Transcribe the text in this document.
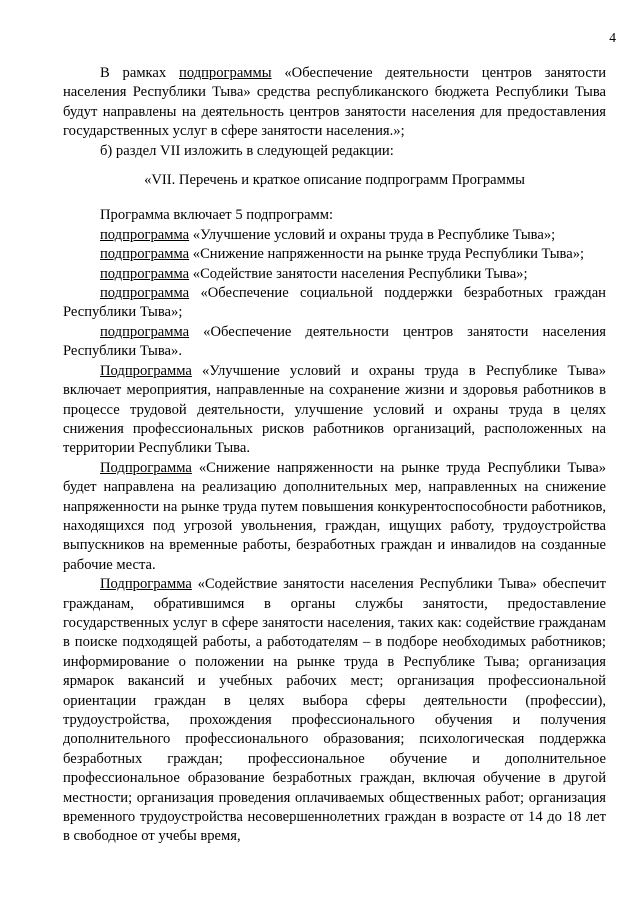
4

В рамках подпрограммы «Обеспечение деятельности центров занятости населения Республики Тыва» средства республиканского бюджета Республики Тыва будут направлены на деятельность центров занятости населения для предоставления государственных услуг в сфере занятости населения.»;

б) раздел VII изложить в следующей редакции:

«VII. Перечень и краткое описание подпрограмм Программы

Программа включает 5 подпрограмм:

подпрограмма «Улучшение условий и охраны труда в Республике Тыва»;

подпрограмма «Снижение напряженности на рынке труда Республики Тыва»;

подпрограмма «Содействие занятости населения Республики Тыва»;

подпрограмма «Обеспечение социальной поддержки безработных граждан Республики Тыва»;

подпрограмма «Обеспечение деятельности центров занятости населения Республики Тыва».

Подпрограмма «Улучшение условий и охраны труда в Республике Тыва» включает мероприятия, направленные на сохранение жизни и здоровья работников в процессе трудовой деятельности, улучшение условий и охраны труда в целях снижения профессиональных рисков работников организаций, расположенных на территории Республики Тыва.

Подпрограмма «Снижение напряженности на рынке труда Республики Тыва» будет направлена на реализацию дополнительных мер, направленных на снижение напряженности на рынке труда путем повышения конкурентоспособности работников, находящихся под угрозой увольнения, граждан, ищущих работу, трудоустройства выпускников на временные работы, безработных граждан и инвалидов на созданные рабочие места.

Подпрограмма «Содействие занятости населения Республики Тыва» обеспечит гражданам, обратившимся в органы службы занятости, предоставление государственных услуг в сфере занятости населения, таких как: содействие гражданам в поиске подходящей работы, а работодателям – в подборе необходимых работников; информирование о положении на рынке труда в Республике Тыва; организация ярмарок вакансий и учебных рабочих мест; организация профессиональной ориентации граждан в целях выбора сферы деятельности (профессии), трудоустройства, прохождения профессионального обучения и получения дополнительного профессионального образования; психологическая поддержка безработных граждан; профессиональное обучение и дополнительное профессиональное образование безработных граждан, включая обучение в другой местности; организация проведения оплачиваемых общественных работ; организация временного трудоустройства несовершеннолетних граждан в возрасте от 14 до 18 лет в свободное от учебы время,
